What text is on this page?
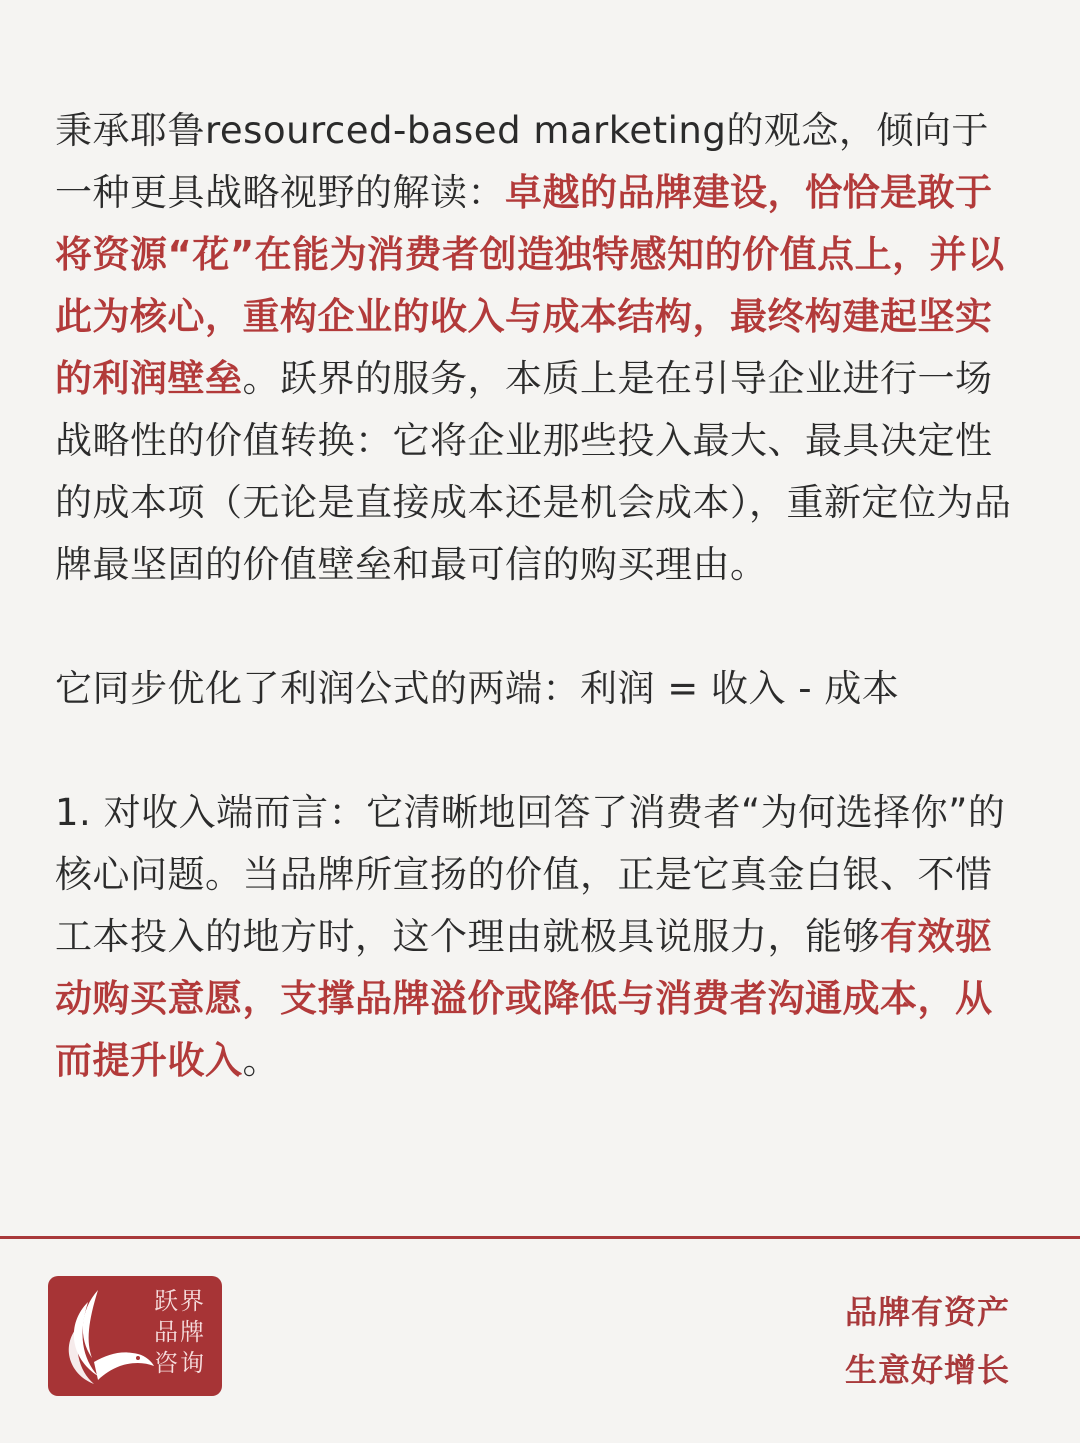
秉承耶鲁resourced-based marketing的观念，倾向于一种更具战略视野的解读：卓越的品牌建设，恰恰是敢于将资源“花”在能为消费者创造独特感知的价值点上，并以此为核心，重构企业的收入与成本结构，最终构建起坚实的利润壁垒。跃界的服务，本质上是在引导企业进行一场战略性的价值转换：它将企业那些投入最大、最具决定性的成本项（无论是直接成本还是机会成本），重新定位为品牌最坚固的价值壁垒和最可信的购买理由。

它同步优化了利润公式的两端：利润 = 收入 - 成本

1. 对收入端而言：它清晰地回答了消费者“为何选择你”的核心问题。当品牌所宣扬的价值，正是它真金白银、不惜工本投入的地方时，这个理由就极具说服力，能够有效驱动购买意愿，支撑品牌溢价或降低与消费者沟通成本，从而提升收入。

跃界
品牌
咨询
品牌有资产
生意好增长
